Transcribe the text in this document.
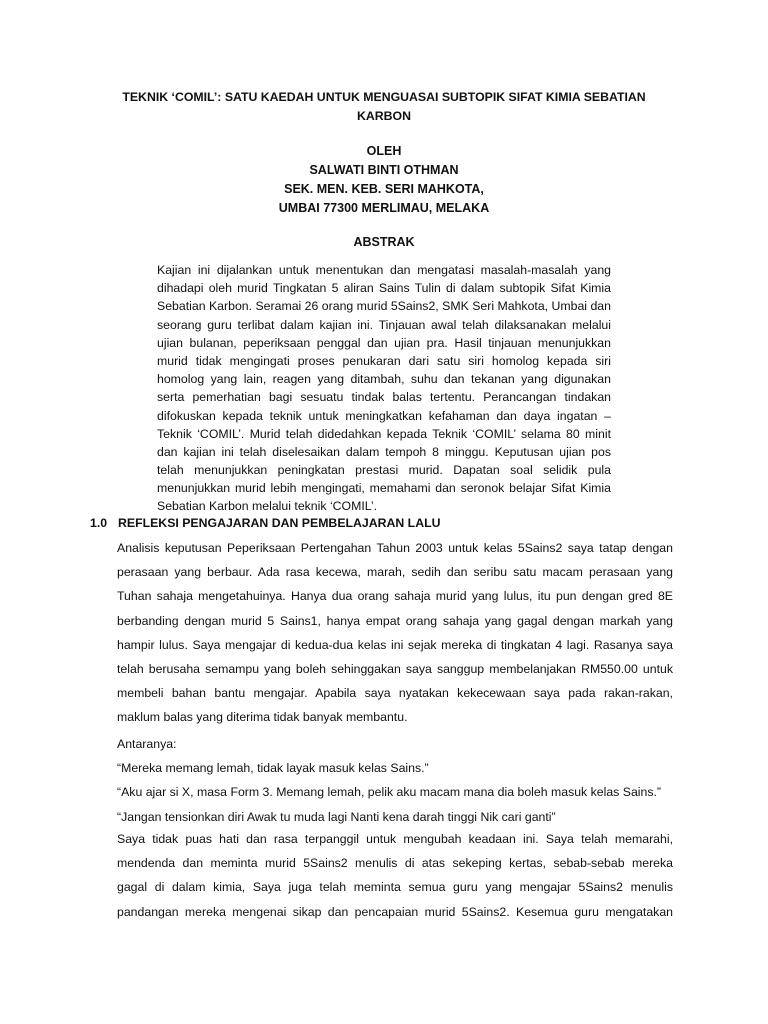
TEKNIK ‘COMIL’: SATU KAEDAH UNTUK MENGUASAI SUBTOPIK SIFAT KIMIA SEBATIAN
KARBON
OLEH
SALWATI BINTI OTHMAN
SEK. MEN. KEB. SERI MAHKOTA,
UMBAI 77300 MERLIMAU, MELAKA
ABSTRAK
Kajian ini dijalankan untuk menentukan dan mengatasi masalah-masalah yang
dihadapi oleh murid Tingkatan 5 aliran Sains Tulin di dalam subtopik Sifat Kimia
Sebatian Karbon. Seramai 26 orang murid 5Sains2, SMK Seri Mahkota, Umbai dan
seorang guru terlibat dalam kajian ini. Tinjauan awal telah dilaksanakan melalui
ujian bulanan, peperiksaan penggal dan ujian pra. Hasil tinjauan menunjukkan
murid tidak mengingati proses penukaran dari satu siri homolog kepada siri
homolog yang lain, reagen yang ditambah, suhu dan tekanan yang digunakan
serta pemerhatian bagi sesuatu tindak balas tertentu. Perancangan tindakan
difokuskan kepada teknik untuk meningkatkan kefahaman dan daya ingatan –
Teknik ‘COMIL’. Murid telah didedahkan kepada Teknik ‘COMIL’ selama 80 minit
dan kajian ini telah diselesaikan dalam tempoh 8 minggu. Keputusan ujian pos
telah menunjukkan peningkatan prestasi murid. Dapatan soal selidik pula
menunjukkan murid lebih mengingati, memahami dan seronok belajar Sifat Kimia
Sebatian Karbon melalui teknik ‘COMIL’.
1.0 REFLEKSI PENGAJARAN DAN PEMBELAJARAN LALU
Analisis keputusan Peperiksaan Pertengahan Tahun 2003 untuk kelas 5Sains2 saya tatap dengan
perasaan yang berbaur. Ada rasa kecewa, marah, sedih dan seribu satu macam perasaan yang
Tuhan sahaja mengetahuinya. Hanya dua orang sahaja murid yang lulus, itu pun dengan gred 8E
berbanding dengan murid 5 Sains1, hanya empat orang sahaja yang gagal dengan markah yang
hampir lulus. Saya mengajar di kedua-dua kelas ini sejak mereka di tingkatan 4 lagi. Rasanya saya
telah berusaha semampu yang boleh sehinggakan saya sanggup membelanjakan RM550.00 untuk
membeli bahan bantu mengajar. Apabila saya nyatakan kekecewaan saya pada rakan-rakan,
maklum balas yang diterima tidak banyak membantu.
Antaranya:
“Mereka memang lemah, tidak layak masuk kelas Sains.”
“Aku ajar si X, masa Form 3. Memang lemah, pelik aku macam mana dia boleh masuk kelas Sains.”
“Jangan tensionkan diri Awak tu muda lagi Nanti kena darah tinggi Nik cari ganti”
Saya tidak puas hati dan rasa terpanggil untuk mengubah keadaan ini. Saya telah memarahi,
mendenda dan meminta murid 5Sains2 menulis di atas sekeping kertas, sebab-sebab mereka
gagal di dalam kimia, Saya juga telah meminta semua guru yang mengajar 5Sains2 menulis
pandangan mereka mengenai sikap dan pencapaian murid 5Sains2. Kesemua guru mengatakan
